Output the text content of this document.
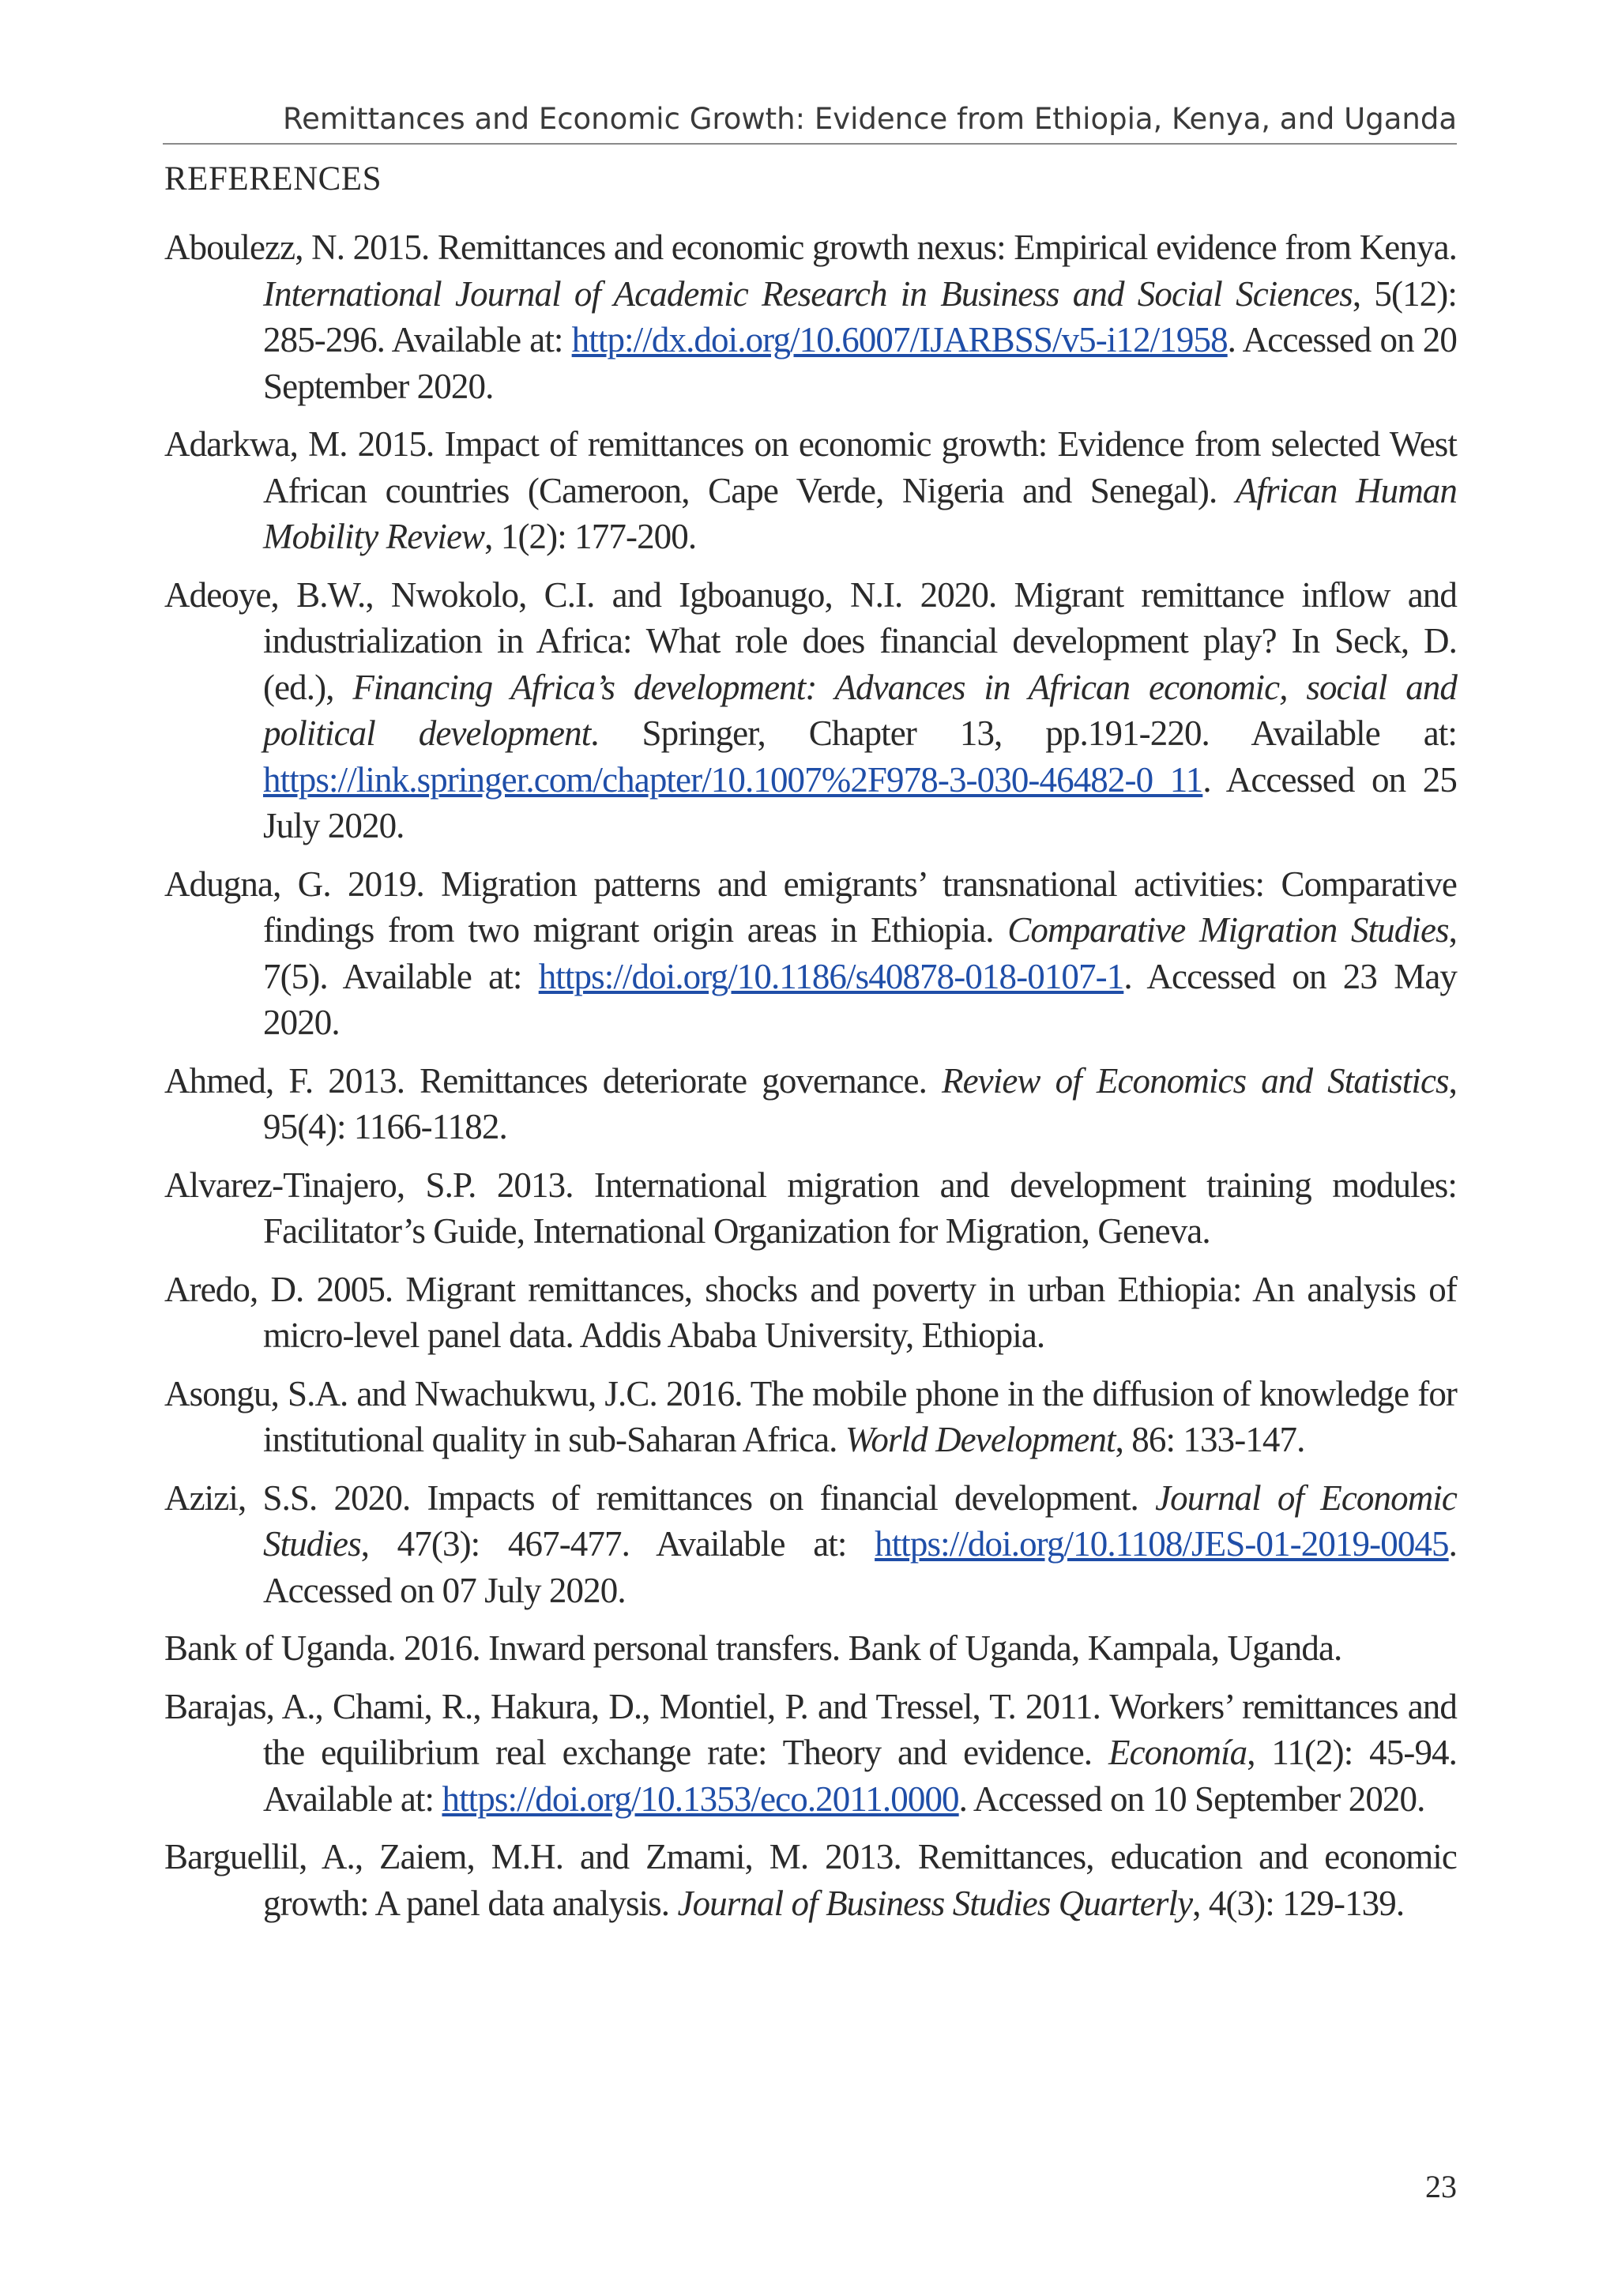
Remittances and Economic Growth: Evidence from Ethiopia, Kenya, and Uganda
REFERENCES

Aboulezz, N. 2015. Remittances and economic growth nexus: Empirical evidence from Kenya. International Journal of Academic Research in Business and Social Sciences, 5(12): 285-296. Available at: http://dx.doi.org/10.6007/IJARBSS/v5-i12/1958. Accessed on 20 September 2020.

Adarkwa, M. 2015. Impact of remittances on economic growth: Evidence from selected West African countries (Cameroon, Cape Verde, Nigeria and Senegal). African Human Mobility Review, 1(2): 177-200.

Adeoye, B.W., Nwokolo, C.I. and Igboanugo, N.I. 2020. Migrant remittance inflow and industrialization in Africa: What role does financial development play? In Seck, D. (ed.), Financing Africa’s development: Advances in African economic, social and political development. Springer, Chapter 13, pp.191-220. Available at: https://link.springer.com/chapter/10.1007%2F978-3-030-46482-0_11. Accessed on 25 July 2020.

Adugna, G. 2019. Migration patterns and emigrants’ transnational activities: Comparative findings from two migrant origin areas in Ethiopia. Comparative Migration Studies, 7(5). Available at: https://doi.org/10.1186/s40878-018-0107-1. Accessed on 23 May 2020.

Ahmed, F. 2013. Remittances deteriorate governance. Review of Economics and Statistics, 95(4): 1166-1182.

Alvarez-Tinajero, S.P. 2013. International migration and development training modules: Facilitator’s Guide, International Organization for Migration, Geneva.

Aredo, D. 2005. Migrant remittances, shocks and poverty in urban Ethiopia: An analysis of micro-level panel data. Addis Ababa University, Ethiopia.

Asongu, S.A. and Nwachukwu, J.C. 2016. The mobile phone in the diffusion of knowledge for institutional quality in sub-Saharan Africa. World Development, 86: 133-147.

Azizi, S.S. 2020. Impacts of remittances on financial development. Journal of Economic Studies, 47(3): 467-477. Available at: https://doi.org/10.1108/JES-01-2019-0045. Accessed on 07 July 2020.

Bank of Uganda. 2016. Inward personal transfers. Bank of Uganda, Kampala, Uganda.

Barajas, A., Chami, R., Hakura, D., Montiel, P. and Tressel, T. 2011. Workers’ remittances and the equilibrium real exchange rate: Theory and evidence. Economía, 11(2): 45-94. Available at: https://doi.org/10.1353/eco.2011.0000. Accessed on 10 September 2020.

Barguellil, A., Zaiem, M.H. and Zmami, M. 2013. Remittances, education and economic growth: A panel data analysis. Journal of Business Studies Quarterly, 4(3): 129-139.

23
